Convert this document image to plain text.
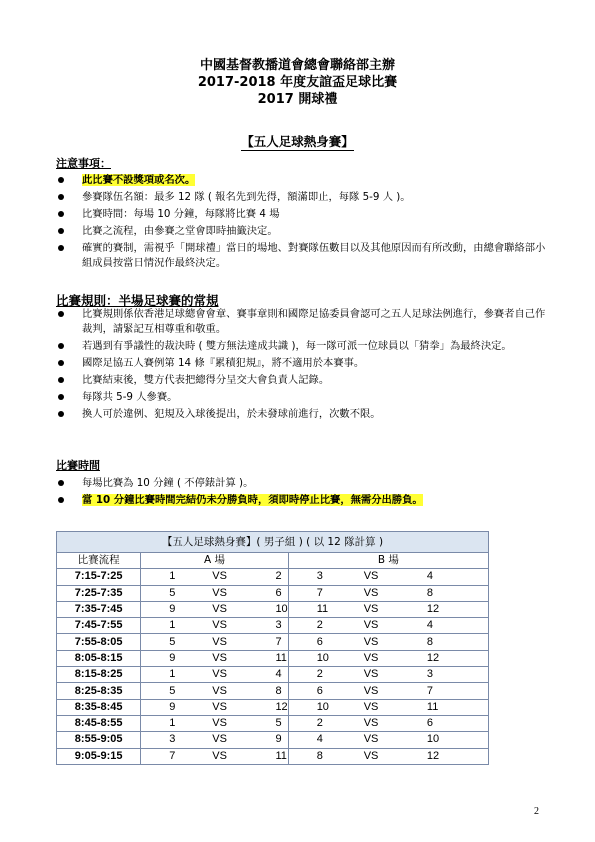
中國基督教播道會總會聯絡部主辦
2017-2018 年度友誼盃足球比賽
2017 開球禮
【五人足球熱身賽】
注意事項：
此比賽不設獎項或名次。
參賽隊伍名額：最多 12 隊 ( 報名先到先得，額滿即止，每隊 5-9 人 )。
比賽時間：每場 10 分鐘，每隊將比賽 4 場
比賽之流程，由參賽之堂會即時抽籤決定。
確實的賽制，需視乎「開球禮」當日的場地、對賽隊伍數目以及其他原因而有所改動，由總會聯絡部小組成員按當日情況作最終決定。
比賽規則：半場足球賽的常規
比賽規則係依香港足球總會會章、賽事章則和國際足協委員會認可之五人足球法例進行，參賽者自己作裁判，請緊記互相尊重和敬重。
若遇到有爭議性的裁決時 ( 雙方無法達成共識 )，每一隊可派一位球員以「猜拳」為最終決定。
國際足協五人賽例第 14 條『累積犯規』，將不適用於本賽事。
比賽結束後，雙方代表把總得分呈交大會負責人記錄。
每隊共 5-9 人參賽。
換人可於違例、犯規及入球後提出，於未發球前進行，次數不限。
比賽時間
每場比賽為 10 分鐘 ( 不停錶計算 )。
當 10 分鐘比賽時間完結仍未分勝負時，須即時停止比賽，無需分出勝負。
【五人足球熱身賽】( 男子組 ) ( 以 12 隊計算 )						
比賽流程	A 場			B 場		
7:15-7:25	1	VS	2	3	VS	4
7:25-7:35	5	VS	6	7	VS	8
7:35-7:45	9	VS	10	11	VS	12
7:45-7:55	1	VS	3	2	VS	4
7:55-8:05	5	VS	7	6	VS	8
8:05-8:15	9	VS	11	10	VS	12
8:15-8:25	1	VS	4	2	VS	3
8:25-8:35	5	VS	8	6	VS	7
8:35-8:45	9	VS	12	10	VS	11
8:45-8:55	1	VS	5	2	VS	6
8:55-9:05	3	VS	9	4	VS	10
9:05-9:15	7	VS	11	8	VS	12
2
